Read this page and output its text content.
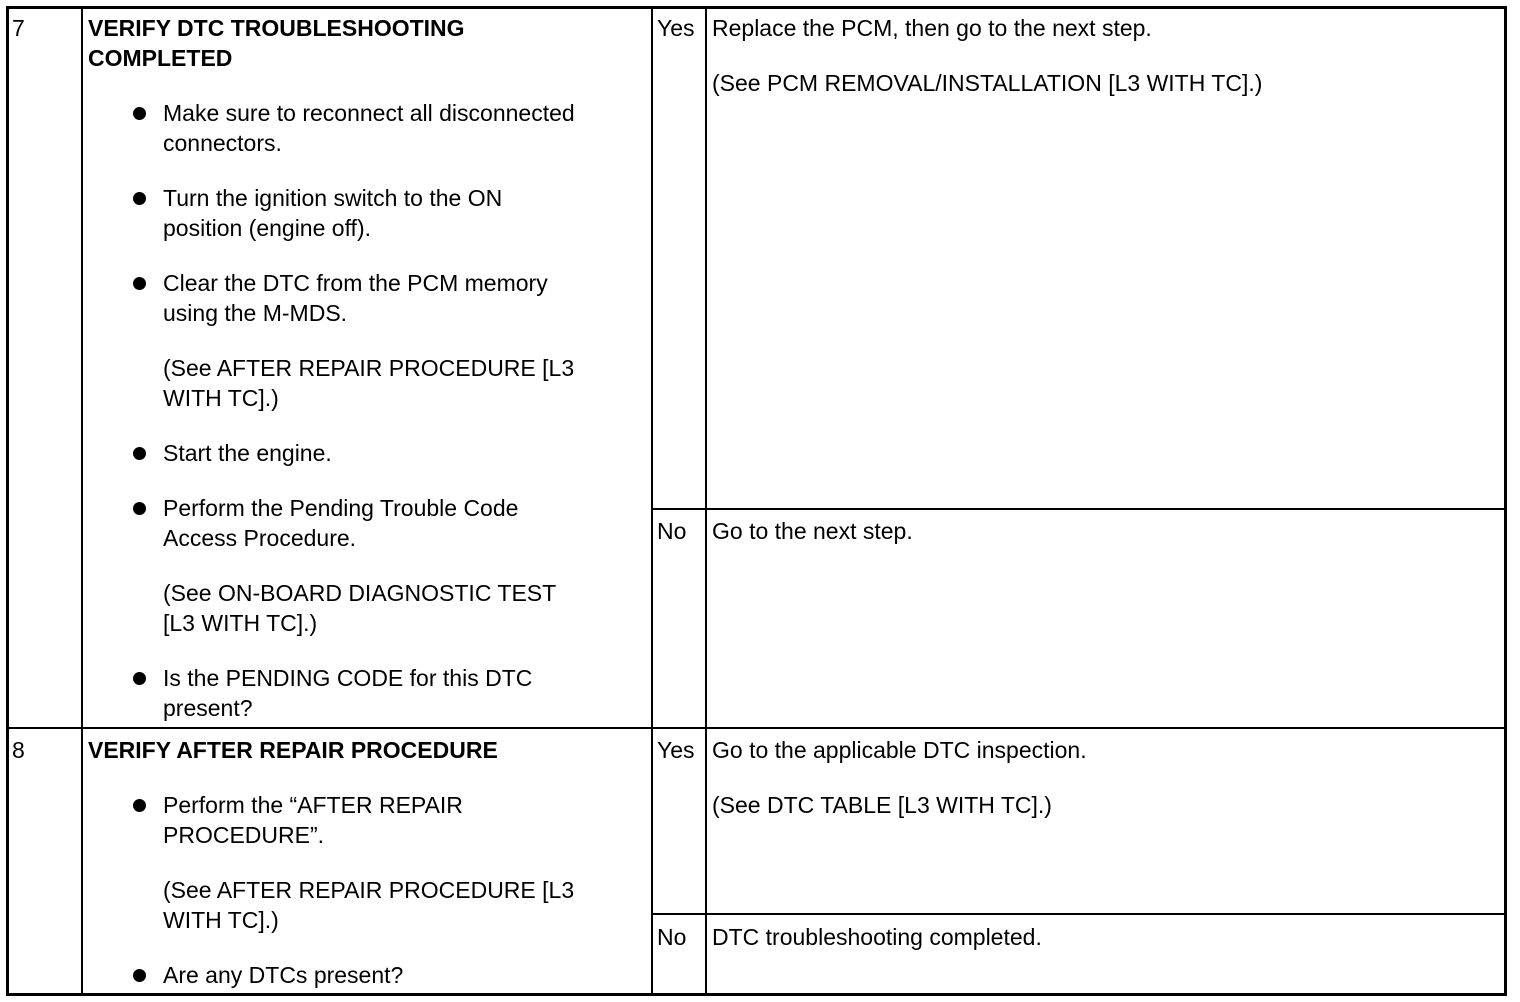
7	VERIFY DTC TROUBLESHOOTING
COMPLETED
Make sure to reconnect all disconnected
connectors.
Turn the ignition switch to the ON
position (engine off).
Clear the DTC from the PCM memory
using the M-MDS.
(See AFTER REPAIR PROCEDURE [L3
WITH TC].)
Start the engine.
Perform the Pending Trouble Code
Access Procedure.
(See ON-BOARD DIAGNOSTIC TEST
[L3 WITH TC].)
Is the PENDING CODE for this DTC
present?
Yes Replace the PCM, then go to the next step.
(See PCM REMOVAL/INSTALLATION [L3 WITH TC].)
No Go to the next step.
8	VERIFY AFTER REPAIR PROCEDURE
Perform the “AFTER REPAIR
PROCEDURE”.
(See AFTER REPAIR PROCEDURE [L3
WITH TC].)
Are any DTCs present?
Yes Go to the applicable DTC inspection.
(See DTC TABLE [L3 WITH TC].)
No DTC troubleshooting completed.
